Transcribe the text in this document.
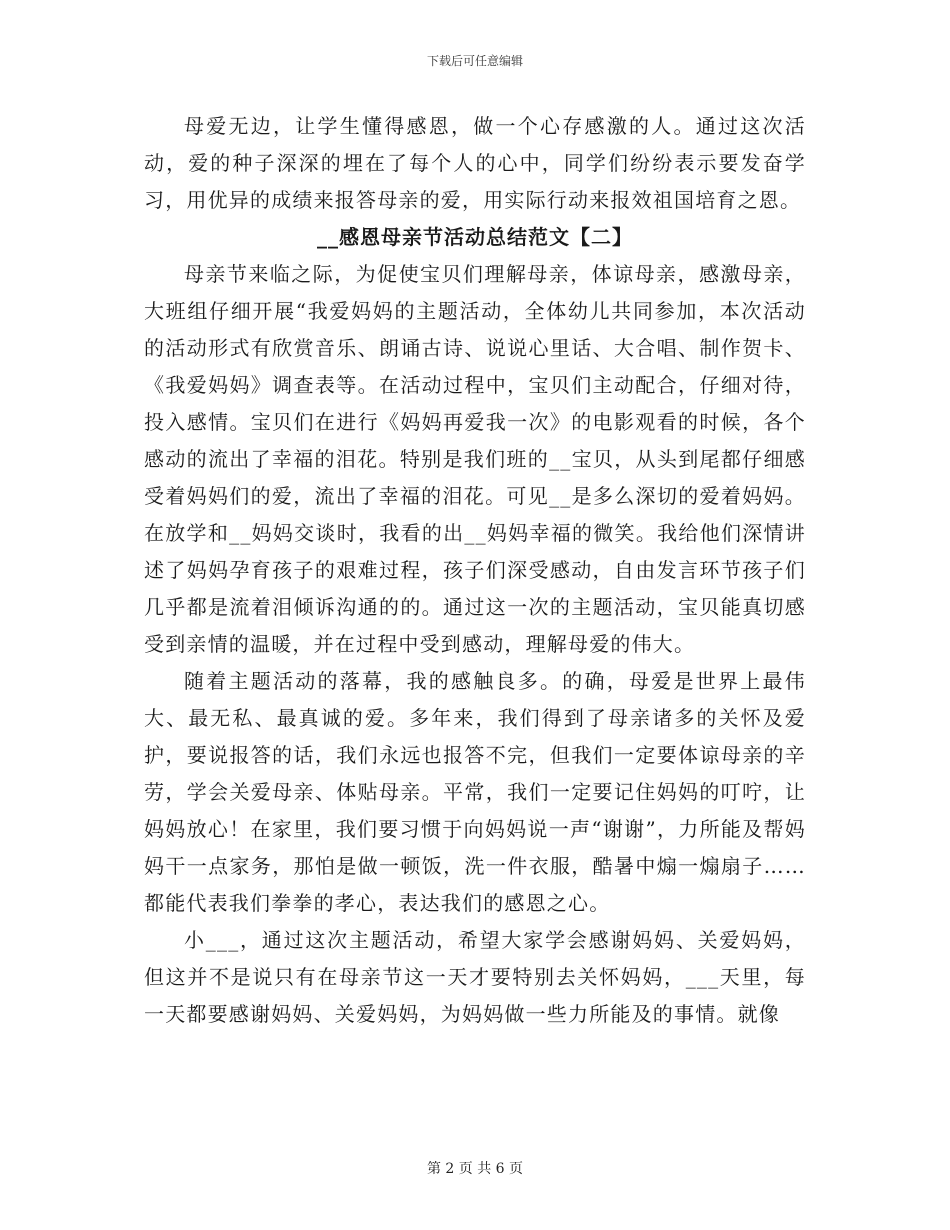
下载后可任意编辑

母爱无边，让学生懂得感恩，做一个心存感激的人。通过这次活动，爱的种子深深的埋在了每个人的心中，同学们纷纷表示要发奋学习，用优异的成绩来报答母亲的爱，用实际行动来报效祖国培育之恩。

__感恩母亲节活动总结范文【二】

母亲节来临之际，为促使宝贝们理解母亲，体谅母亲，感激母亲，大班组仔细开展“我爱妈妈的主题活动，全体幼儿共同参加，本次活动的活动形式有欣赏音乐、朗诵古诗、说说心里话、大合唱、制作贺卡、《我爱妈妈》调查表等。在活动过程中，宝贝们主动配合，仔细对待，投入感情。宝贝们在进行《妈妈再爱我一次》的电影观看的时候，各个感动的流出了幸福的泪花。特别是我们班的__宝贝，从头到尾都仔细感受着妈妈们的爱，流出了幸福的泪花。可见__是多么深切的爱着妈妈。在放学和__妈妈交谈时，我看的出__妈妈幸福的微笑。我给他们深情讲述了妈妈孕育孩子的艰难过程，孩子们深受感动，自由发言环节孩子们几乎都是流着泪倾诉沟通的的。通过这一次的主题活动，宝贝能真切感受到亲情的温暖，并在过程中受到感动，理解母爱的伟大。

随着主题活动的落幕，我的感触良多。的确，母爱是世界上最伟大、最无私、最真诚的爱。多年来，我们得到了母亲诸多的关怀及爱护，要说报答的话，我们永远也报答不完，但我们一定要体谅母亲的辛劳，学会关爱母亲、体贴母亲。平常，我们一定要记住妈妈的叮咛，让妈妈放心！在家里，我们要习惯于向妈妈说一声“谢谢”，力所能及帮妈妈干一点家务，那怕是做一顿饭，洗一件衣服，酷暑中煽一煽扇子……都能代表我们拳拳的孝心，表达我们的感恩之心。

小___，通过这次主题活动，希望大家学会感谢妈妈、关爱妈妈，但这并不是说只有在母亲节这一天才要特别去关怀妈妈，___天里，每一天都要感谢妈妈、关爱妈妈，为妈妈做一些力所能及的事情。就像

第 2 页 共 6 页
